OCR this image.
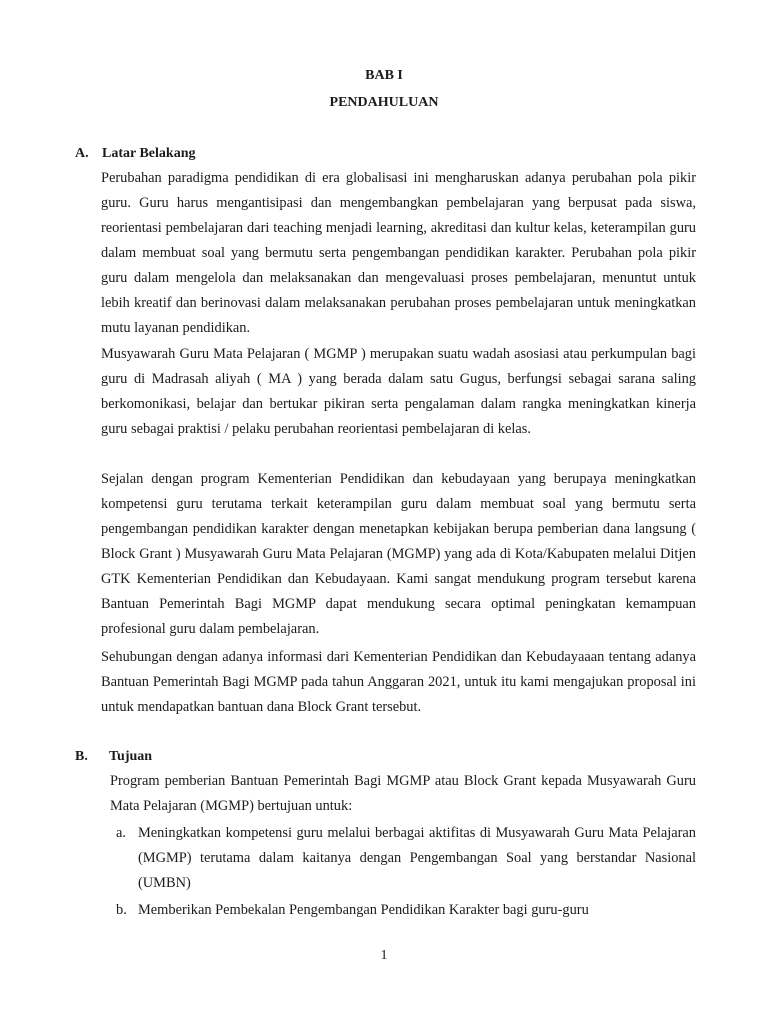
BAB I
PENDAHULUAN
A. Latar Belakang

Perubahan paradigma pendidikan di era globalisasi ini mengharuskan adanya perubahan pola pikir guru. Guru harus mengantisipasi dan mengembangkan pembelajaran yang berpusat pada siswa, reorientasi pembelajaran dari teaching menjadi learning, akreditasi dan kultur kelas, keterampilan guru dalam membuat soal yang bermutu serta pengembangan pendidikan karakter. Perubahan pola pikir guru dalam mengelola dan melaksanakan dan mengevaluasi proses pembelajaran, menuntut untuk lebih kreatif dan berinovasi dalam melaksanakan perubahan proses pembelajaran untuk meningkatkan mutu layanan pendidikan.

Musyawarah Guru Mata Pelajaran ( MGMP ) merupakan suatu wadah asosiasi atau perkumpulan bagi guru di Madrasah aliyah ( MA ) yang berada dalam satu Gugus, berfungsi sebagai sarana saling berkomonikasi, belajar dan bertukar pikiran serta pengalaman dalam rangka meningkatkan kinerja guru sebagai praktisi / pelaku perubahan reorientasi pembelajaran di kelas.

Sejalan dengan program Kementerian Pendidikan dan kebudayaan yang berupaya meningkatkan kompetensi guru terutama terkait keterampilan guru dalam membuat soal yang bermutu serta pengembangan pendidikan karakter dengan menetapkan kebijakan berupa pemberian dana langsung ( Block Grant ) Musyawarah Guru Mata Pelajaran (MGMP) yang ada di Kota/Kabupaten melalui Ditjen GTK Kementerian Pendidikan dan Kebudayaan. Kami sangat mendukung program tersebut karena Bantuan Pemerintah Bagi MGMP dapat mendukung secara optimal peningkatan kemampuan profesional guru dalam pembelajaran.

Sehubungan dengan adanya informasi dari Kementerian Pendidikan dan Kebudayaaan tentang adanya Bantuan Pemerintah Bagi MGMP pada tahun Anggaran 2021, untuk itu kami mengajukan proposal ini untuk mendapatkan bantuan dana Block Grant tersebut.

B. Tujuan

Program pemberian Bantuan Pemerintah Bagi MGMP atau Block Grant kepada Musyawarah Guru Mata Pelajaran (MGMP) bertujuan untuk:

a. Meningkatkan kompetensi guru melalui berbagai aktifitas di Musyawarah Guru Mata Pelajaran (MGMP) terutama dalam kaitanya dengan Pengembangan Soal yang berstandar Nasional (UMBN)
b. Memberikan Pembekalan Pengembangan Pendidikan Karakter bagi guru-guru
1
